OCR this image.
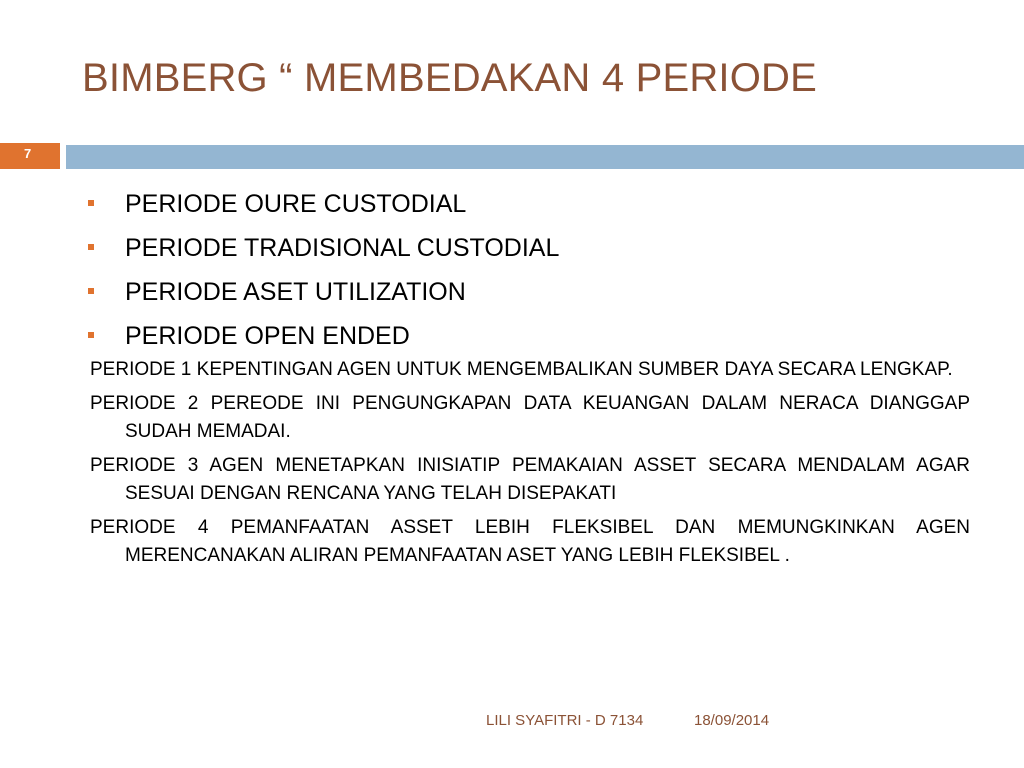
BIMBERG “ MEMBEDAKAN 4 PERIODE
7
PERIODE OURE CUSTODIAL
PERIODE TRADISIONAL CUSTODIAL
PERIODE ASET UTILIZATION
PERIODE OPEN ENDED

PERIODE 1 KEPENTINGAN AGEN UNTUK MENGEMBALIKAN SUMBER DAYA SECARA LENGKAP.

PERIODE 2 PEREODE INI PENGUNGKAPAN DATA KEUANGAN DALAM NERACA DIANGGAP SUDAH MEMADAI.

PERIODE 3 AGEN MENETAPKAN INISIATIP PEMAKAIAN ASSET SECARA MENDALAM AGAR SESUAI DENGAN RENCANA YANG TELAH DISEPAKATI

PERIODE 4 PEMANFAATAN ASSET LEBIH FLEKSIBEL DAN MEMUNGKINKAN AGEN MERENCANAKAN ALIRAN PEMANFAATAN ASET YANG LEBIH FLEKSIBEL .

LILI SYAFITRI - D 7134	18/09/2014
